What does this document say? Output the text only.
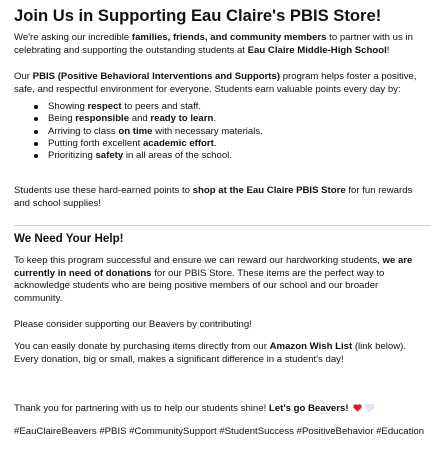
Join Us in Supporting Eau Claire's PBIS Store!

We're asking our incredible families, friends, and community members to partner with us in celebrating and supporting the outstanding students at Eau Claire Middle-High School!

Our PBIS (Positive Behavioral Interventions and Supports) program helps foster a positive, safe, and respectful environment for everyone. Students earn valuable points every day by:

Showing respect to peers and staff.
Being responsible and ready to learn.
Arriving to class on time with necessary materials.
Putting forth excellent academic effort.
Prioritizing safety in all areas of the school.

Students use these hard-earned points to shop at the Eau Claire PBIS Store for fun rewards and school supplies!

We Need Your Help!

To keep this program successful and ensure we can reward our hardworking students, we are currently in need of donations for our PBIS Store. These items are the perfect way to acknowledge students who are being positive members of our school and our broader community.

Please consider supporting our Beavers by contributing!

You can easily donate by purchasing items directly from our Amazon Wish List (link below). Every donation, big or small, makes a significant difference in a student's day!

Thank you for partnering with us to help our students shine! Let's go Beavers!

#EauClaireBeavers #PBIS #CommunitySupport #StudentSuccess #PositiveBehavior #Education
